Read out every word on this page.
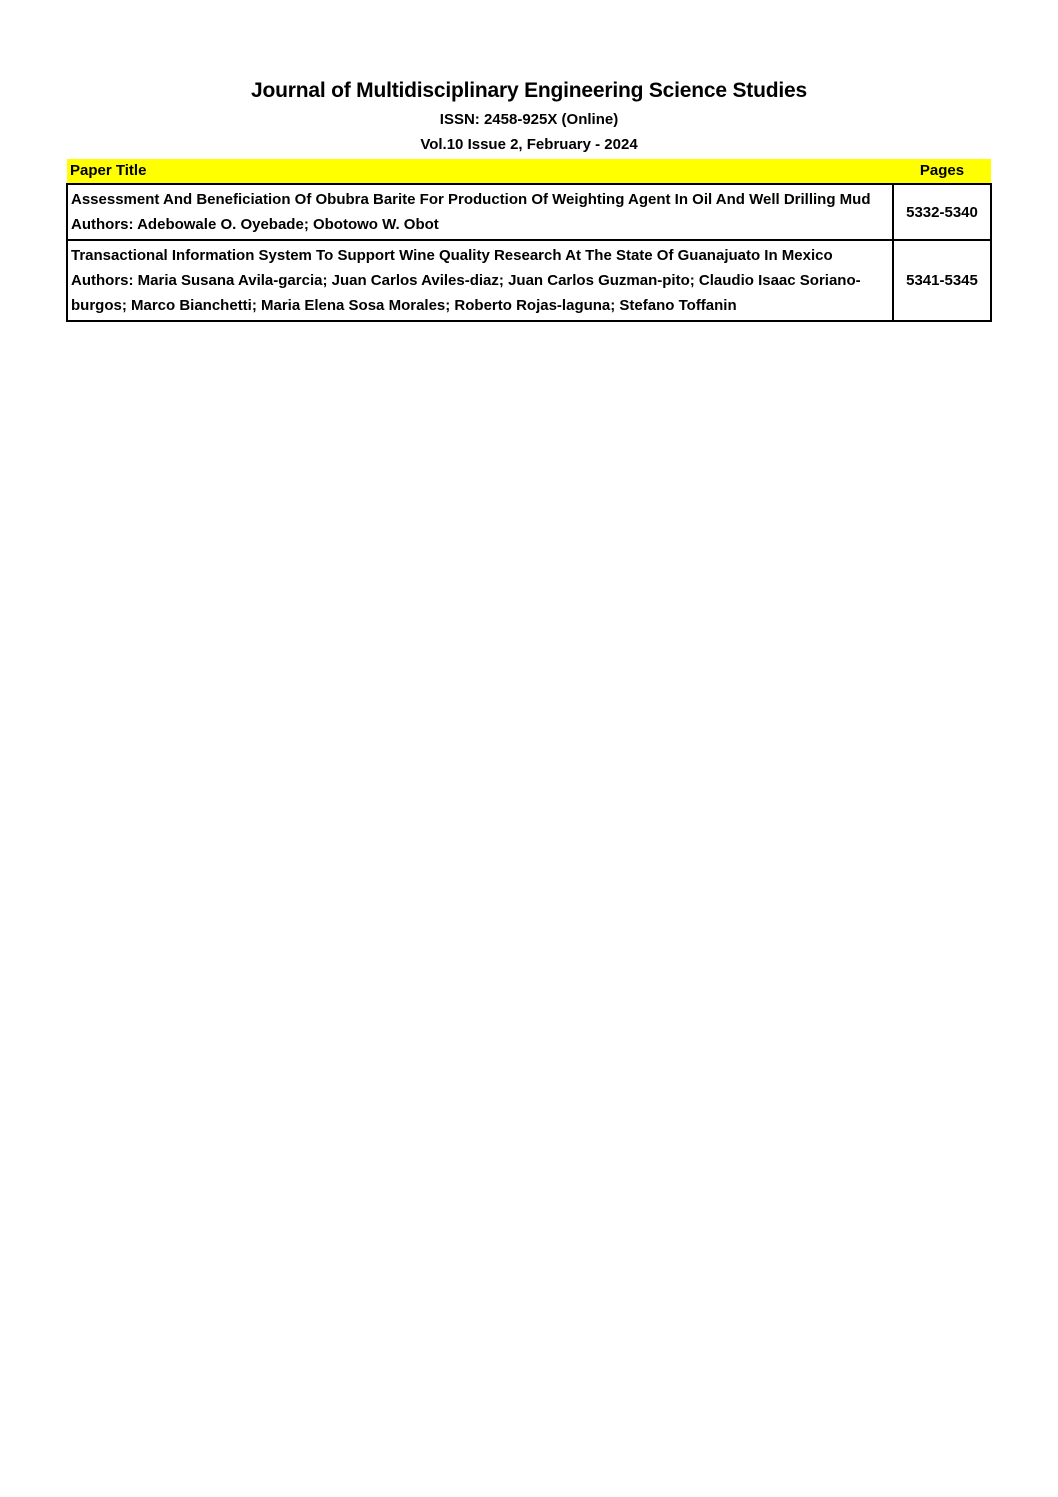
Journal of Multidisciplinary Engineering Science Studies
ISSN: 2458-925X (Online)
Vol.10 Issue 2, February - 2024
Paper Title	Pages

Assessment And Beneficiation Of Obubra Barite For Production Of Weighting Agent In Oil And Well Drilling Mud
Authors: Adebowale O. Oyebade; Obotowo W. Obot	5332-5340

Transactional Information System To Support Wine Quality Research At The State Of Guanajuato In Mexico
Authors: Maria Susana Avila-garcia; Juan Carlos Aviles-diaz; Juan Carlos Guzman-pito; Claudio Isaac Soriano-burgos; Marco Bianchetti; Maria Elena Sosa Morales; Roberto Rojas-laguna; Stefano Toffanin	5341-5345
